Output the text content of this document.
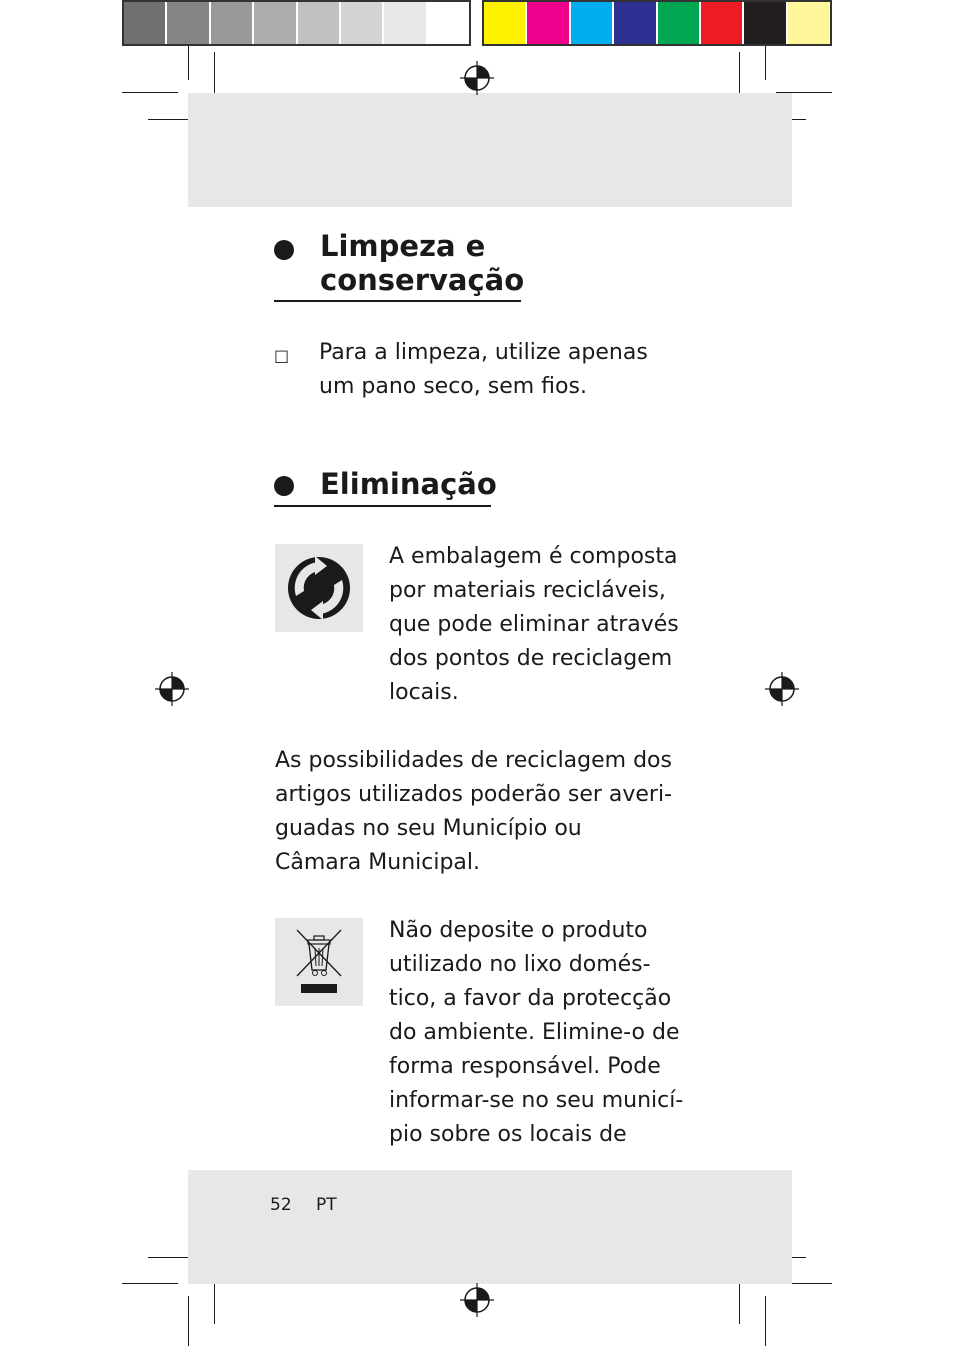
Limpeza e
conservação
□ Para a limpeza, utilize apenas
um pano seco, sem fios.
Eliminação
A embalagem é composta
por materiais recicláveis,
que pode eliminar através
dos pontos de reciclagem
locais.
As possibilidades de reciclagem dos
artigos utilizados poderão ser averi-
guadas no seu Município ou
Câmara Municipal.
Não deposite o produto
utilizado no lixo domés-
tico, a favor da protecção
do ambiente. Elimine-o de
forma responsável. Pode
informar-se no seu municí-
pio sobre os locais de
52 PT
